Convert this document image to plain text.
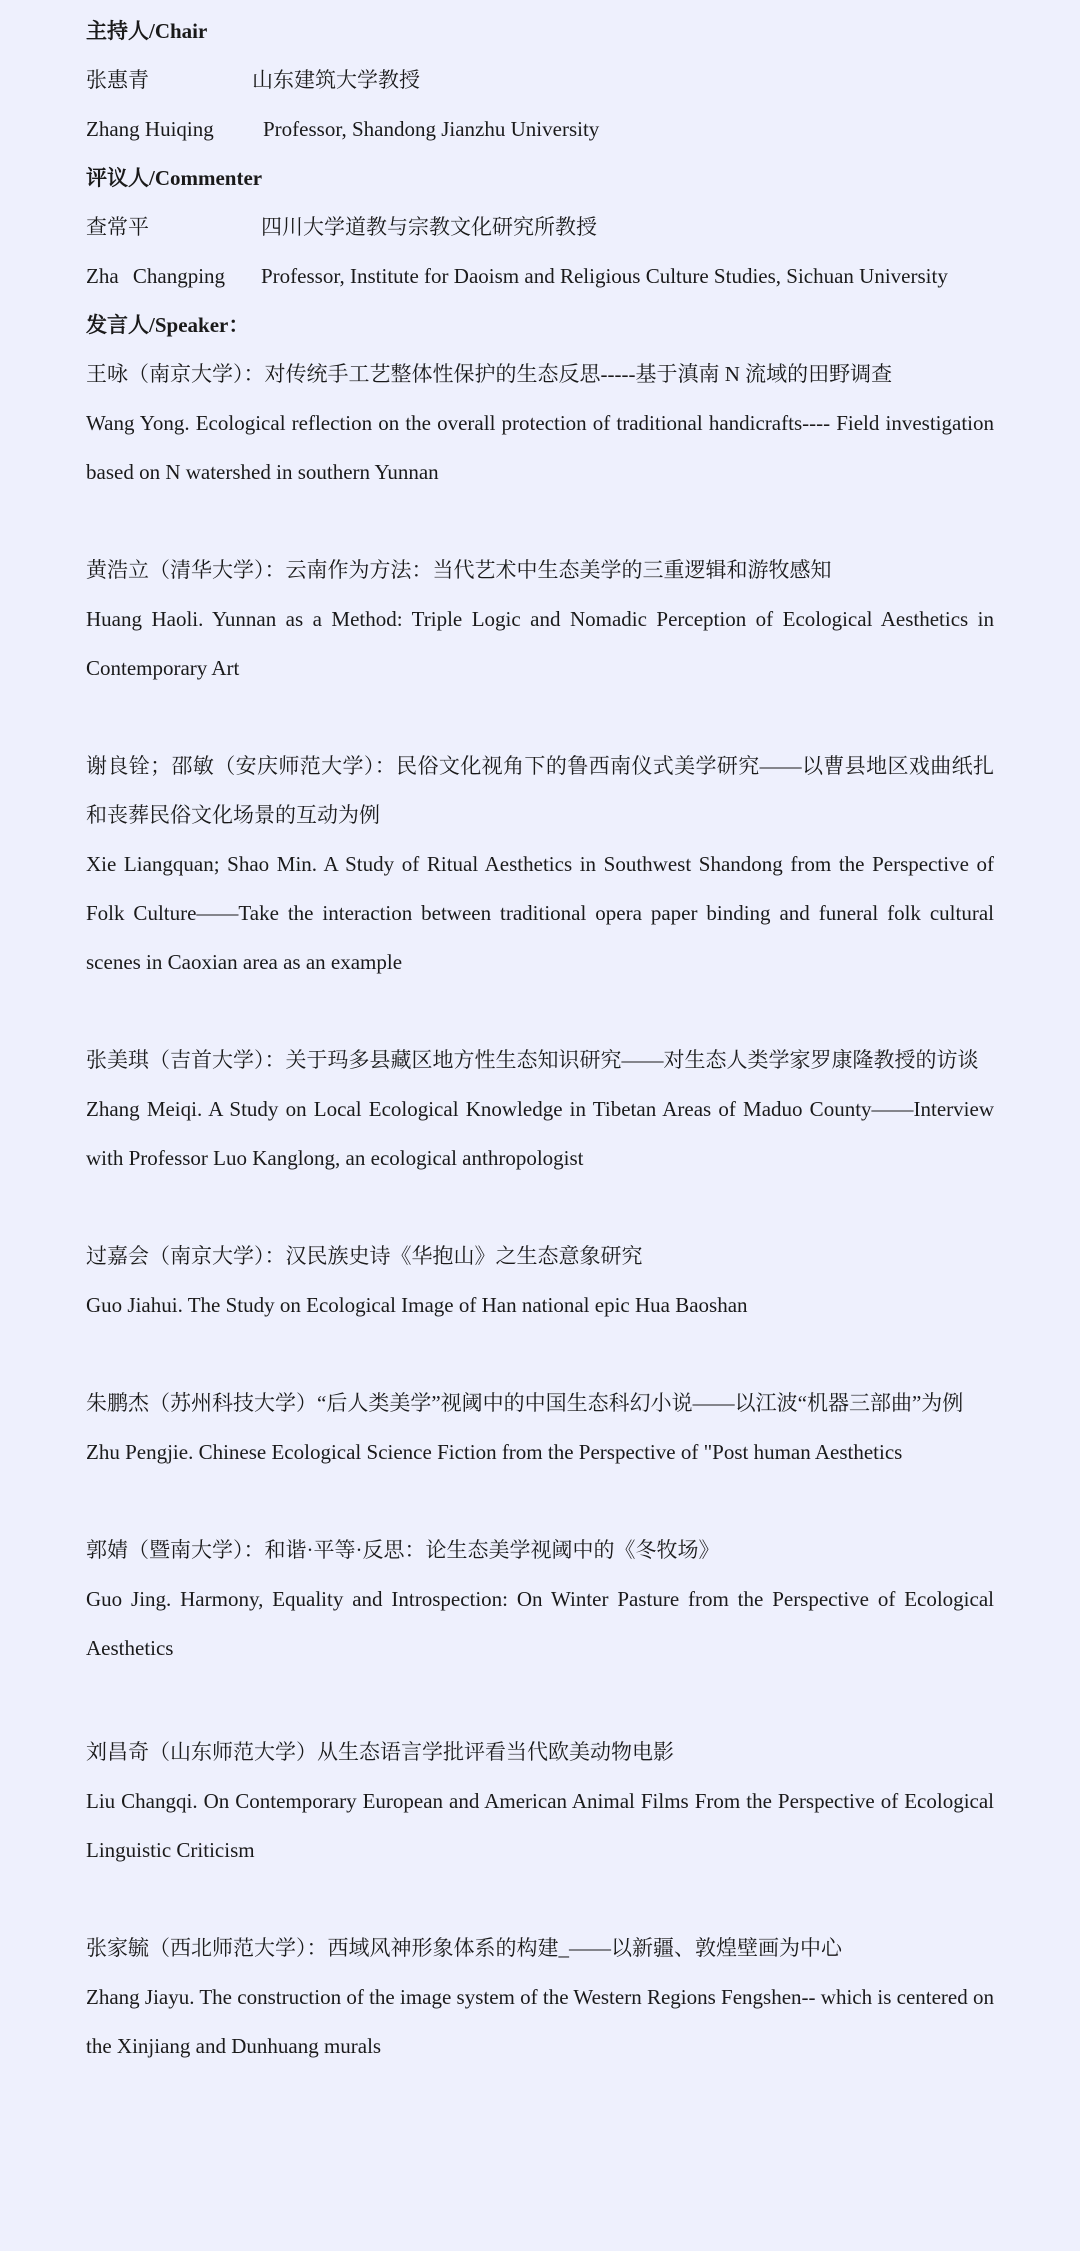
主持人/Chair
张惠青	山东建筑大学教授
Zhang Huiqing	Professor, Shandong Jianzhu University
评议人/Commenter
查常平	四川大学道教与宗教文化研究所教授
Zha Changping	Professor, Institute for Daoism and Religious Culture Studies, Sichuan University
发言人/Speaker：
王咏（南京大学）：对传统手工艺整体性保护的生态反思-----基于滇南 N 流域的田野调查
Wang Yong. Ecological reflection on the overall protection of traditional handicrafts---- Field investigation based on N watershed in southern Yunnan
黄浩立（清华大学）：云南作为方法：当代艺术中生态美学的三重逻辑和游牧感知
Huang Haoli. Yunnan as a Method: Triple Logic and Nomadic Perception of Ecological Aesthetics in Contemporary Art
谢良铨；邵敏（安庆师范大学）：民俗文化视角下的鲁西南仪式美学研究——以曹县地区戏曲纸扎和丧葬民俗文化场景的互动为例
Xie Liangquan; Shao Min. A Study of Ritual Aesthetics in Southwest Shandong from the Perspective of Folk Culture——Take the interaction between traditional opera paper binding and funeral folk cultural scenes in Caoxian area as an example
张美琪（吉首大学）：关于玛多县藏区地方性生态知识研究——对生态人类学家罗康隆教授的访谈
Zhang Meiqi. A Study on Local Ecological Knowledge in Tibetan Areas of Maduo County——Interview with Professor Luo Kanglong, an ecological anthropologist
过嘉会（南京大学）：汉民族史诗《华抱山》之生态意象研究
Guo Jiahui. The Study on Ecological Image of Han national epic Hua Baoshan
朱鹏杰（苏州科技大学）“后人类美学”视阈中的中国生态科幻小说——以江波“机器三部曲”为例
Zhu Pengjie. Chinese Ecological Science Fiction from the Perspective of "Post human Aesthetics
郭婧（暨南大学）：和谐·平等·反思：论生态美学视阈中的《冬牧场》
Guo Jing. Harmony, Equality and Introspection: On Winter Pasture from the Perspective of Ecological Aesthetics
刘昌奇（山东师范大学）从生态语言学批评看当代欧美动物电影
Liu Changqi. On Contemporary European and American Animal Films From the Perspective of Ecological Linguistic Criticism
张家毓（西北师范大学）：西域风神形象体系的构建_——以新疆、敦煌壁画为中心
Zhang Jiayu. The construction of the image system of the Western Regions Fengshen-- which is centered on the Xinjiang and Dunhuang murals
